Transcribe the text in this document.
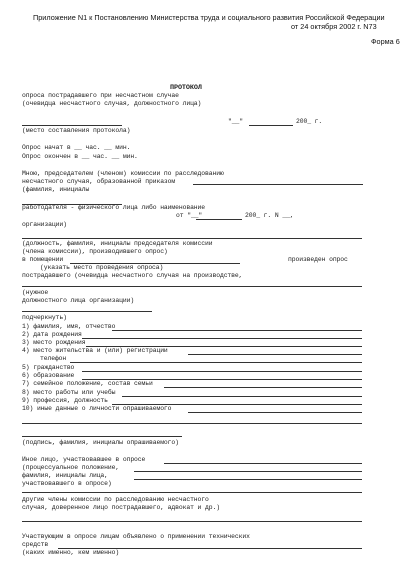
Приложение N1 к Постановлению Министерства труда и социального развития Российской Федерации
от 24 октября 2002 г. N73
Форма 6
ПРОТОКОЛ
опроса пострадавшего при несчастном случае
(очевидца несчастного случая, должностного лица)
"__"	200_ г.
(место составления протокола)
Опрос начат в __ час. __ мин.
Опрос окончен в __ час. __ мин.
Мною, председателем (членом) комиссии по расследованию
несчастного случая, образованной приказом
(фамилия, инициалы
работодателя - физического лица либо наименование
от "__"	200_ г. N __,
организации)
(должность, фамилия, инициалы председателя комиссии
(члена комиссии), производившего опрос)
в помещении	произведен опрос
(указать место проведения опроса)
пострадавшего (очевидца несчастного случая на производстве,
(нужное
должностного лица организации)
подчеркнуть)
1) фамилия, имя, отчество
2) дата рождения
3) место рождения
4) место жительства и (или) регистрации
телефон
5) гражданство
6) образование
7) семейное положение, состав семьи
8) место работы или учебы
9) профессия, должность
10) иные данные о личности опрашиваемого
(подпись, фамилия, инициалы опрашиваемого)
Иное лицо, участвовавшее в опросе
(процессуальное положение,
фамилия, инициалы лица,
участвовавшего в опросе)
другие члены комиссии по расследованию несчастного
случая, доверенное лицо пострадавшего, адвокат и др.)
Участвующим в опросе лицам объявлено о применении технических
средств
(каких именно, кем именно)
